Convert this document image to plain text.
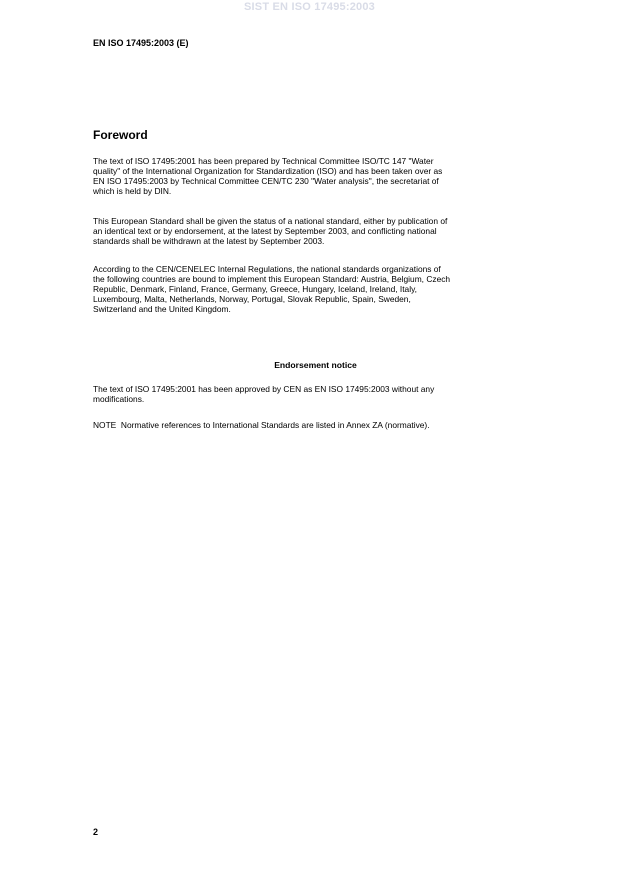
SIST EN ISO 17495:2003
EN ISO 17495:2003 (E)
Foreword
The text of ISO 17495:2001 has been prepared by Technical Committee ISO/TC 147 "Water
quality" of the International Organization for Standardization (ISO) and has been taken over as
EN ISO 17495:2003 by Technical Committee CEN/TC 230 "Water analysis", the secretariat of
which is held by DIN.
This European Standard shall be given the status of a national standard, either by publication of
an identical text or by endorsement, at the latest by September 2003, and conflicting national
standards shall be withdrawn at the latest by September 2003.
According to the CEN/CENELEC Internal Regulations, the national standards organizations of
the following countries are bound to implement this European Standard: Austria, Belgium, Czech
Republic, Denmark, Finland, France, Germany, Greece, Hungary, Iceland, Ireland, Italy,
Luxembourg, Malta, Netherlands, Norway, Portugal, Slovak Republic, Spain, Sweden,
Switzerland and the United Kingdom.
Endorsement notice
The text of ISO 17495:2001 has been approved by CEN as EN ISO 17495:2003 without any
modifications.
NOTE  Normative references to International Standards are listed in Annex ZA (normative).
2
